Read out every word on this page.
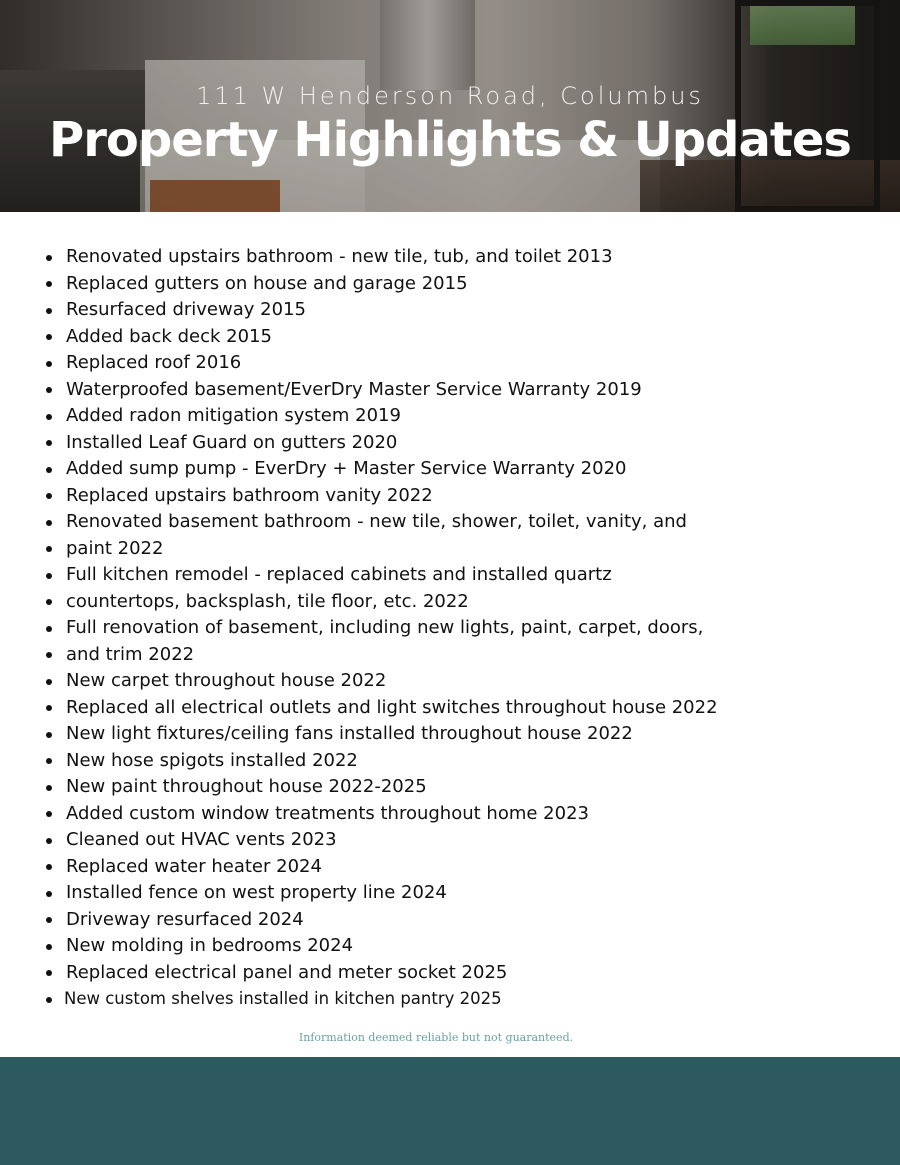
111 W Henderson Road, Columbus
Property Highlights & Updates
Renovated upstairs bathroom - new tile, tub, and toilet 2013
Replaced gutters on house and garage 2015
Resurfaced driveway 2015
Added back deck 2015
Replaced roof 2016
Waterproofed basement/EverDry Master Service Warranty 2019
Added radon mitigation system 2019
Installed Leaf Guard on gutters 2020
Added sump pump - EverDry + Master Service Warranty 2020
Replaced upstairs bathroom vanity 2022
Renovated basement bathroom - new tile, shower, toilet, vanity, and
paint 2022
Full kitchen remodel - replaced cabinets and installed quartz
countertops, backsplash, tile floor, etc. 2022
Full renovation of basement, including new lights, paint, carpet, doors,
and trim 2022
New carpet throughout house 2022
Replaced all electrical outlets and light switches throughout house 2022
New light fixtures/ceiling fans installed throughout house 2022
New hose spigots installed 2022
New paint throughout house 2022-2025
Added custom window treatments throughout home 2023
Cleaned out HVAC vents 2023
Replaced water heater 2024
Installed fence on west property line 2024
Driveway resurfaced 2024
New molding in bedrooms 2024
Replaced electrical panel and meter socket 2025
New custom shelves installed in kitchen pantry 2025
Information deemed reliable but not guaranteed.
